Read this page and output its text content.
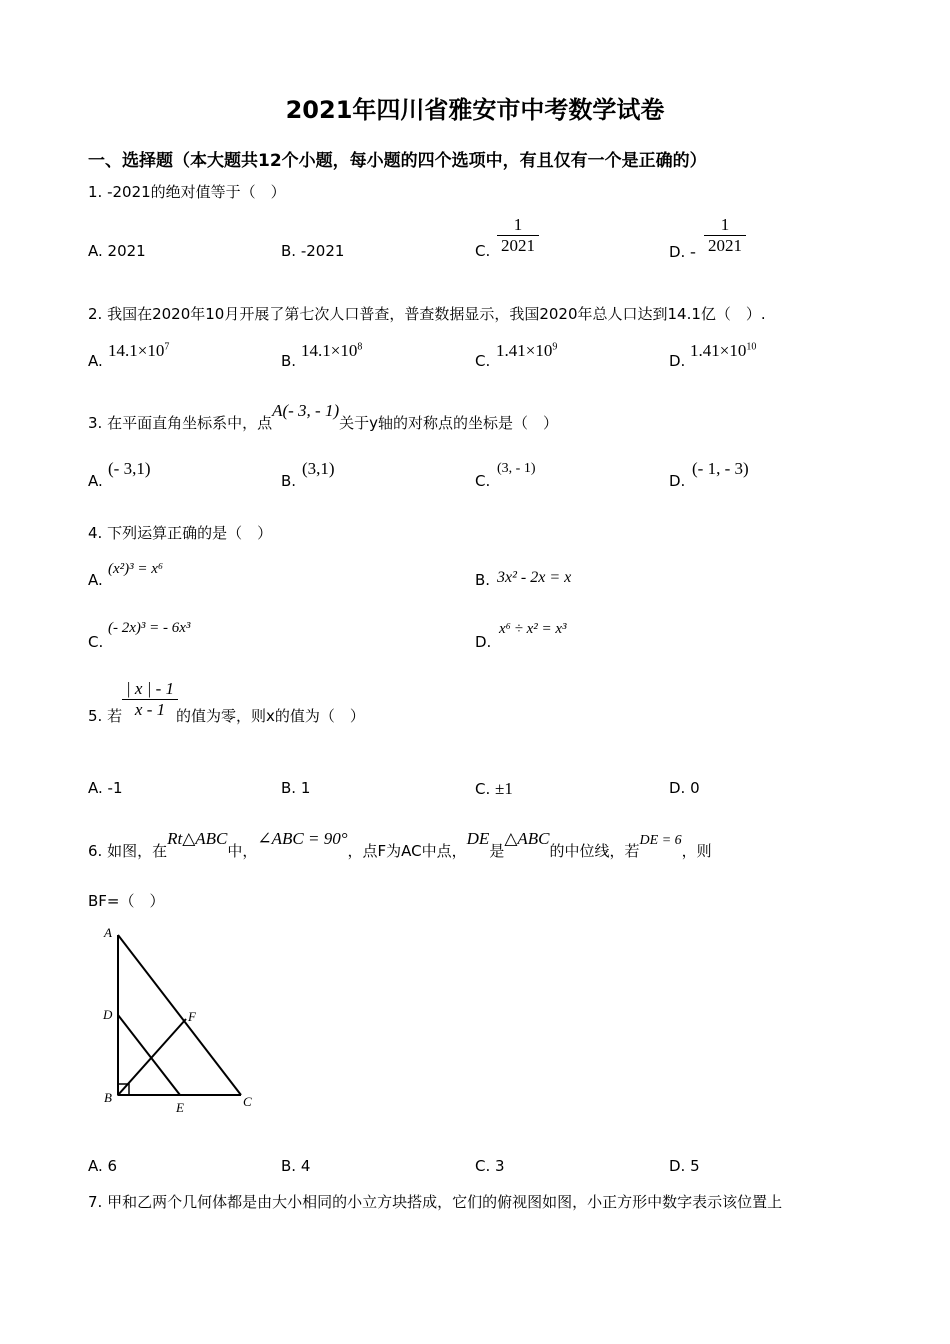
2021年四川省雅安市中考数学试卷
一、选择题（本大题共12个小题，每小题的四个选项中，有且仅有一个是正确的）
1. -2021的绝对值等于（　）
A. 2021	B. -2021	C. $\frac{1}{2021}$	D. - $\frac{1}{2021}$
2. 我国在2020年10月开展了第七次人口普查，普查数据显示，我国2020年总人口达到14.1亿（　）.
A.
$14.1\times 10^7$
B.
$14.1\times 10^8$
C.
$1.41\times 10^9$
D.
$1.41\times 10^{10}$
3. 在平面直角坐标系中，点A(- 3, - 1)关于y轴的对称点的坐标是（　）
A.
(- 3,1)
B.
(3,1)
C.
(3, - 1)
D.
(- 1, - 3)
4. 下列运算正确的是（　）
A.
(x²)³ = x⁶
B. 3x² - 2x = x
C.
(- 2x)³ = - 6x³
D.
x⁶ ÷ x² = x³
5. 若 $\frac{| x | - 1}{x - 1}$
的值为零，则x的值为（　）
A. -1	B. 1	C. ±1	D. 0
6. 如图，在Rt△ABC中，∠ABC = 90°，点F为AC中点，DE是△ABC的中位线，若DE = 6，则
BF=（　）
A
D
B
E	C
F
A. 6	B. 4	C. 3	D. 5
7. 甲和乙两个几何体都是由大小相同的小立方块搭成，它们的俯视图如图，小正方形中数字表示该位置上
